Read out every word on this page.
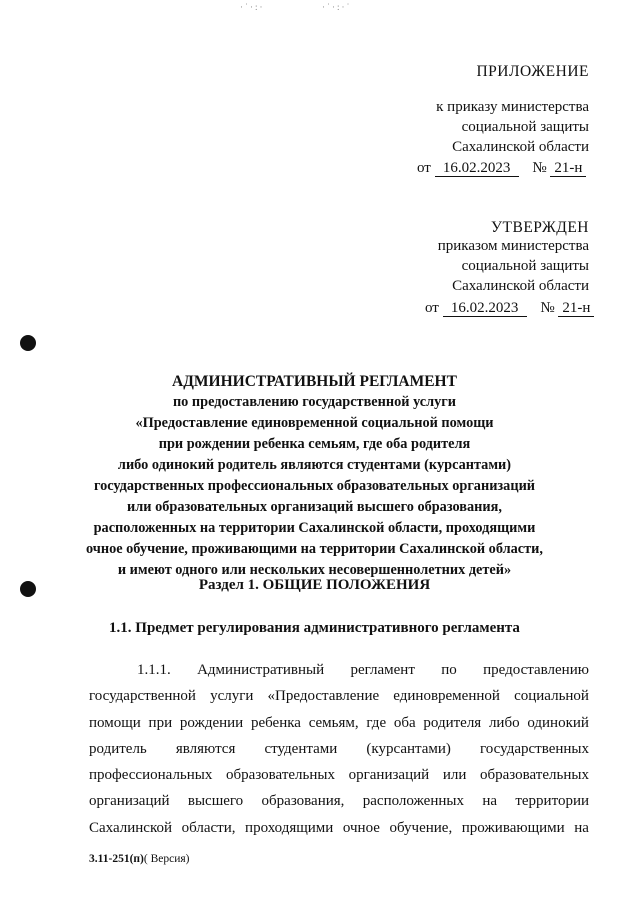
·˙·:·	·˙·:·˙
ПРИЛОЖЕНИЕ
к приказу министерства
социальной защиты
Сахалинской области
от 16.02.2023 № 21-н
УТВЕРЖДЕН
приказом министерства
социальной защиты
Сахалинской области
от 16.02.2023 № 21-н
АДМИНИСТРАТИВНЫЙ РЕГЛАМЕНТ
по предоставлению государственной услуги
«Предоставление единовременной социальной помощи
при рождении ребенка семьям, где оба родителя
либо одинокий родитель являются студентами (курсантами)
государственных профессиональных образовательных организаций
или образовательных организаций высшего образования,
расположенных на территории Сахалинской области, проходящими
очное обучение, проживающими на территории Сахалинской области,
и имеют одного или нескольких несовершеннолетних детей»
Раздел 1. ОБЩИЕ ПОЛОЖЕНИЯ
1.1. Предмет регулирования административного регламента
1.1.1. Административный регламент по предоставлению
государственной услуги «Предоставление единовременной социальной
помощи при рождении ребенка семьям, где оба родителя либо одинокий
родитель являются студентами (курсантами) государственных
профессиональных образовательных организаций или образовательных
организаций высшего образования, расположенных на территории
Сахалинской области, проходящими очное обучение, проживающими на
3.11-251(п)( Версия)
